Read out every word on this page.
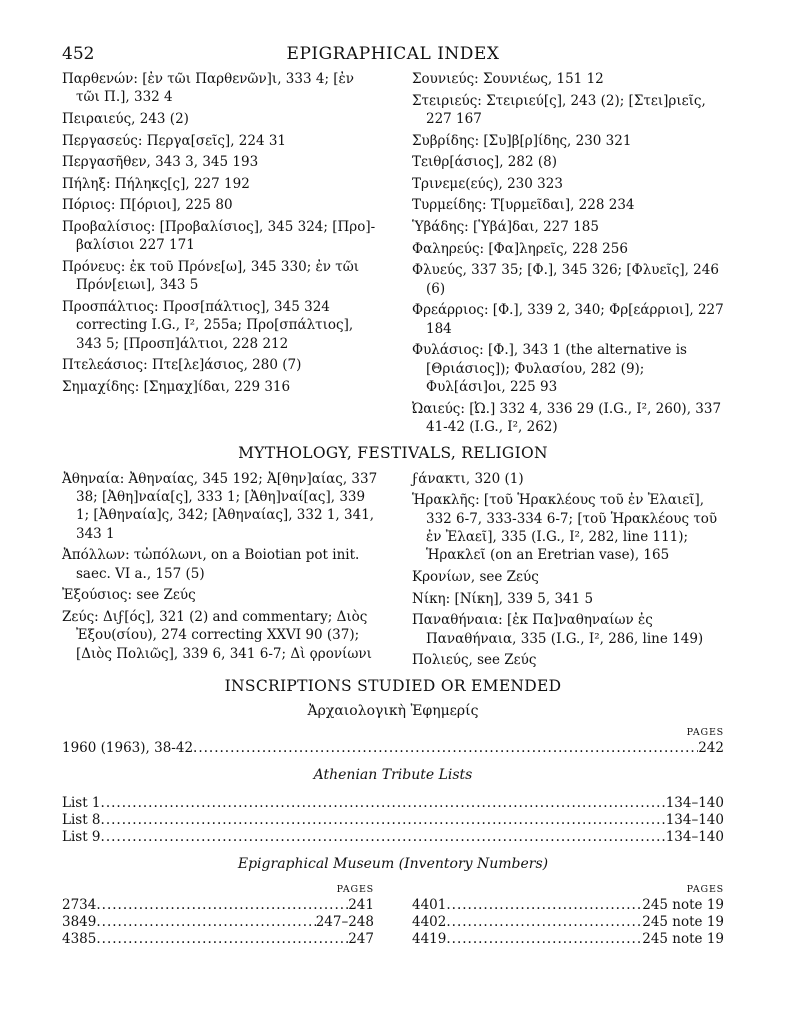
452	EPIGRAPHICAL INDEX
Παρθενών: [ἐν τῶι Παρθενῶν]ι, 333 4; [ἐν τῶι Π.], 332 4
Πειραιεύς, 243 (2)
Περγασεύς: Περγα[σεῖς], 224 31
Περγασῆθεν, 343 3, 345 193
Πήληξ: Πήληκς[ς], 227 192
Πόριος: Π[όριοι], 225 80
Προβαλίσιος: [Προβαλίσιος], 345 324; [Προ]-βαλίσιοι 227 171
Πρόνευς: ἐκ τοῦ Πρόνε[ω], 345 330; ἐν τῶι Πρόν[ειωι], 343 5
Προσπάλτιος: Προσ[πάλτιος], 345 324 correcting I.G., I², 255a; Προ[σπάλτιος], 343 5; [Προσπ]άλτιοι, 228 212
Πτελεάσιος: Πτε[λε]άσιος, 280 (7)
Σημαχίδης: [Σημαχ]ίδαι, 229 316
Σουνιεύς: Σουνιέως, 151 12
Στειριεύς: Στειριεύ[ς], 243 (2); [Στει]ριεῖς, 227 167
Συβρίδης: [Συ]β[ρ]ίδης, 230 321
Τειθρ[άσιος], 282 (8)
Τρινεμε(εύς), 230 323
Τυρμείδης: Τ[υρμεῖδαι], 228 234
Ὑβάδης: [Ὑβά]δαι, 227 185
Φαληρεύς: [Φα]ληρεῖς, 228 256
Φλυεύς, 337 35; [Φ.], 345 326; [Φλυεῖς], 246 (6)
Φρεάρριος: [Φ.], 339 2, 340; Φρ[εάρριοι], 227 184
Φυλάσιος: [Φ.], 343 1 (the alternative is [Θριάσιος]); Φυλασίου, 282 (9); Φυλ[άσι]οι, 225 93
Ὠαιεύς: [Ὠ.] 332 4, 336 29 (I.G., I², 260), 337 41-42 (I.G., I², 262)
MYTHOLOGY, FESTIVALS, RELIGION
Ἀθηναία: Ἀθηναίας, 345 192; Ἀ[θην]αίας, 337 38; [Ἀθη]ναία[ς], 333 1; [Ἀθη]ναί[ας], 339 1; [Ἀθηναία]ς, 342; [Ἀθηναίας], 332 1, 341, 343 1
Ἀπόλλων: τὠπόλωνι, on a Boiotian pot init. saec. VI a., 157 (5)
Ἐξούσιος: see Ζεύς
Ζεύς: Διϝ[ός], 321 (2) and commentary; Διὸς Ἐξου(σίου), 274 correcting XXVI 90 (37); [Διὸς Πολιῶς], 339 6, 341 6-7; Δὶ ϙρονίωνι
ϝάνακτι, 320 (1)
Ἡρακλῆς: [τοῦ Ἡρακλέους τοῦ ἐν Ἐλαιεῖ], 332 6-7, 333-334 6-7; [τοῦ Ἡρακλέους τοῦ ἐν Ἐλαεῖ], 335 (I.G., I², 282, line 111); Ἡρακλεῖ (on an Eretrian vase), 165
Κρονίων, see Ζεύς
Νίκη: [Νίκη], 339 5, 341 5
Παναθήναια: [ἐκ Πα]ναθηναίων ἐς Παναθήναια, 335 (I.G., I², 286, line 149)
Πολιεύς, see Ζεύς
INSCRIPTIONS STUDIED OR EMENDED
Ἀρχαιολογικὴ Ἐφημερίς
PAGES
1960 (1963), 38-42 .....	242
Athenian Tribute Lists
List 1 .....	134–140
List 8 .....	134–140
List 9 .....	134–140
Epigraphical Museum (Inventory Numbers)
PAGES
2734 .....	241
3849 .....	247–248
4385 .....	247
PAGES
4401 .....	245 note 19
4402 .....	245 note 19
4419 .....	245 note 19
